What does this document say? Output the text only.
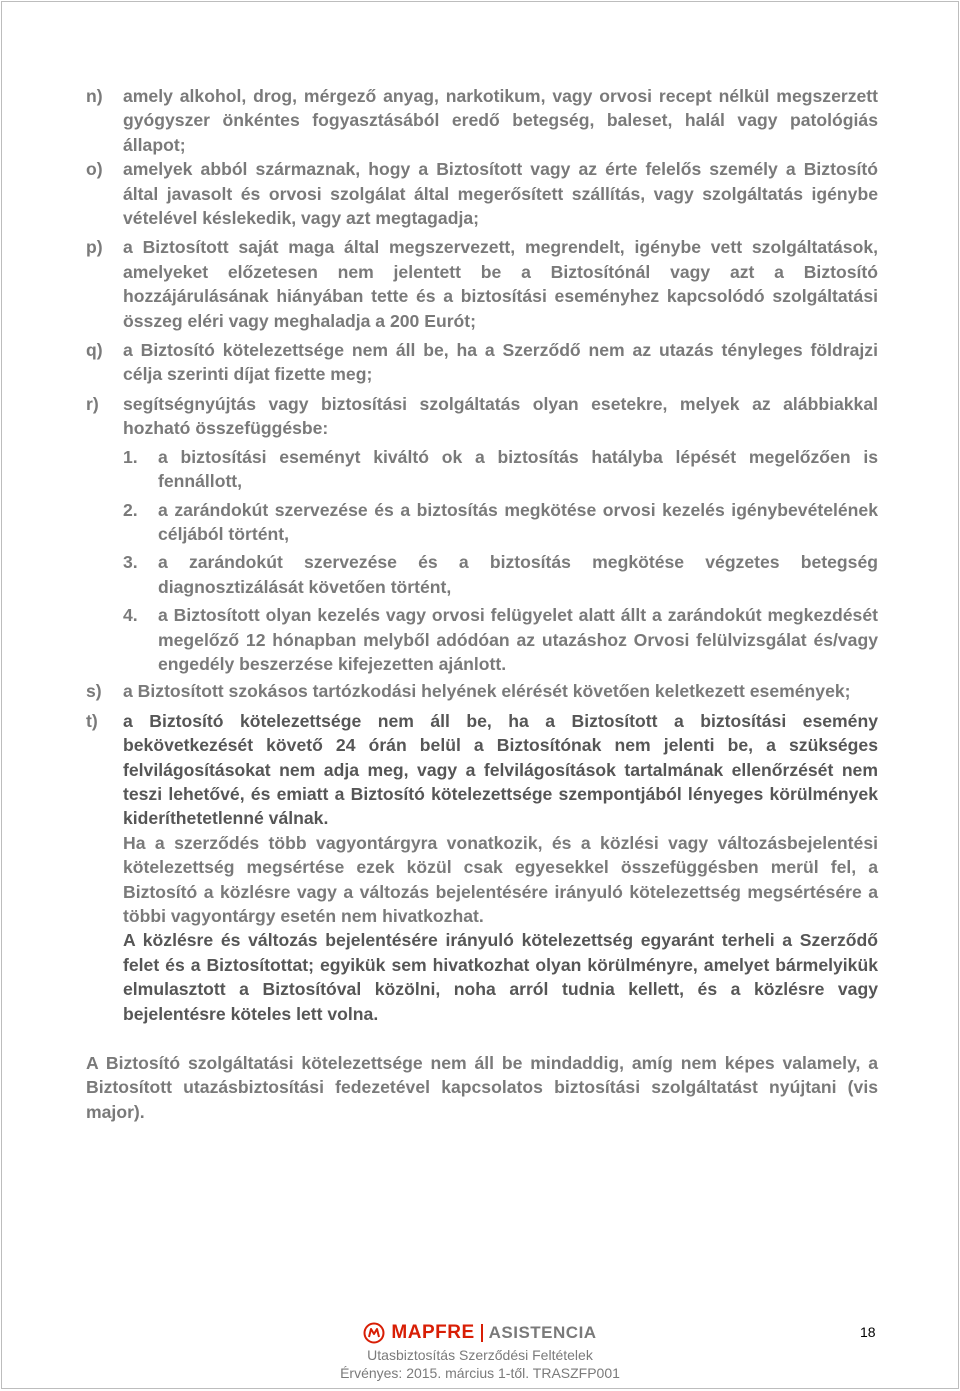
n) amely alkohol, drog, mérgező anyag, narkotikum, vagy orvosi recept nélkül megszerzett gyógyszer önkéntes fogyasztásából eredő betegség, baleset, halál vagy patológiás állapot;

o) amelyek abból származnak, hogy a Biztosított vagy az érte felelős személy a Biztosító által javasolt és orvosi szolgálat által megerősített szállítás, vagy szolgáltatás igénybe vételével késlekedik, vagy azt megtagadja;

p) a Biztosított saját maga által megszervezett, megrendelt, igénybe vett szolgáltatások, amelyeket előzetesen nem jelentett be a Biztosítónál vagy azt a Biztosító hozzájárulásának hiányában tette és a biztosítási eseményhez kapcsolódó szolgáltatási összeg eléri vagy meghaladja a 200 Eurót;

q) a Biztosító kötelezettsége nem áll be, ha a Szerződő nem az utazás tényleges földrajzi célja szerinti díjat fizette meg;

r) segítségnyújtás vagy biztosítási szolgáltatás olyan esetekre, melyek az alábbiakkal hozható összefüggésbe:

1. a biztosítási eseményt kiváltó ok a biztosítás hatályba lépését megelőzően is fennállott,
2. a zarándokút szervezése és a biztosítás megkötése orvosi kezelés igénybevételének céljából történt,
3. a zarándokút szervezése és a biztosítás megkötése végzetes betegség diagnosztizálását követően történt,
4. a Biztosított olyan kezelés vagy orvosi felügyelet alatt állt a zarándokút megkezdését megelőző 12 hónapban melyből adódóan az utazáshoz Orvosi felülvizsgálat és/vagy engedély beszerzése kifejezetten ajánlott.
s) a Biztosított szokásos tartózkodási helyének elérését követően keletkezett események;

t) a Biztosító kötelezettsége nem áll be, ha a Biztosított a biztosítási esemény bekövetkezését követő 24 órán belül a Biztosítónak nem jelenti be, a szükséges felvilágosításokat nem adja meg, vagy a felvilágosítások tartalmának ellenőrzését nem teszi lehetővé, és emiatt a Biztosító kötelezettsége szempontjából lényeges körülmények kideríthetetlenné válnak.

Ha a szerződés több vagyontárgyra vonatkozik, és a közlési vagy változásbejelentési kötelezettség megsértése ezek közül csak egyesekkel összefüggésben merül fel, a Biztosító a közlésre vagy a változás bejelentésére irányuló kötelezettség megsértésére a többi vagyontárgy esetén nem hivatkozhat.

A közlésre és változás bejelentésére irányuló kötelezettség egyaránt terheli a Szerződő felet és a Biztosítottat; egyikük sem hivatkozhat olyan körülményre, amelyet bármelyikük elmulasztott a Biztosítóval közölni, noha arról tudnia kellett, és a közlésre vagy bejelentésre köteles lett volna.

A Biztosító szolgáltatási kötelezettsége nem áll be mindaddig, amíg nem képes valamely, a Biztosított utazásbiztosítási fedezetével kapcsolatos biztosítási szolgáltatást nyújtani (vis major).

MAPFRE ASISTENCIA
Utasbiztosítás Szerződési Feltételek
Érvényes: 2015. március 1-től. TRASZFP001
18
